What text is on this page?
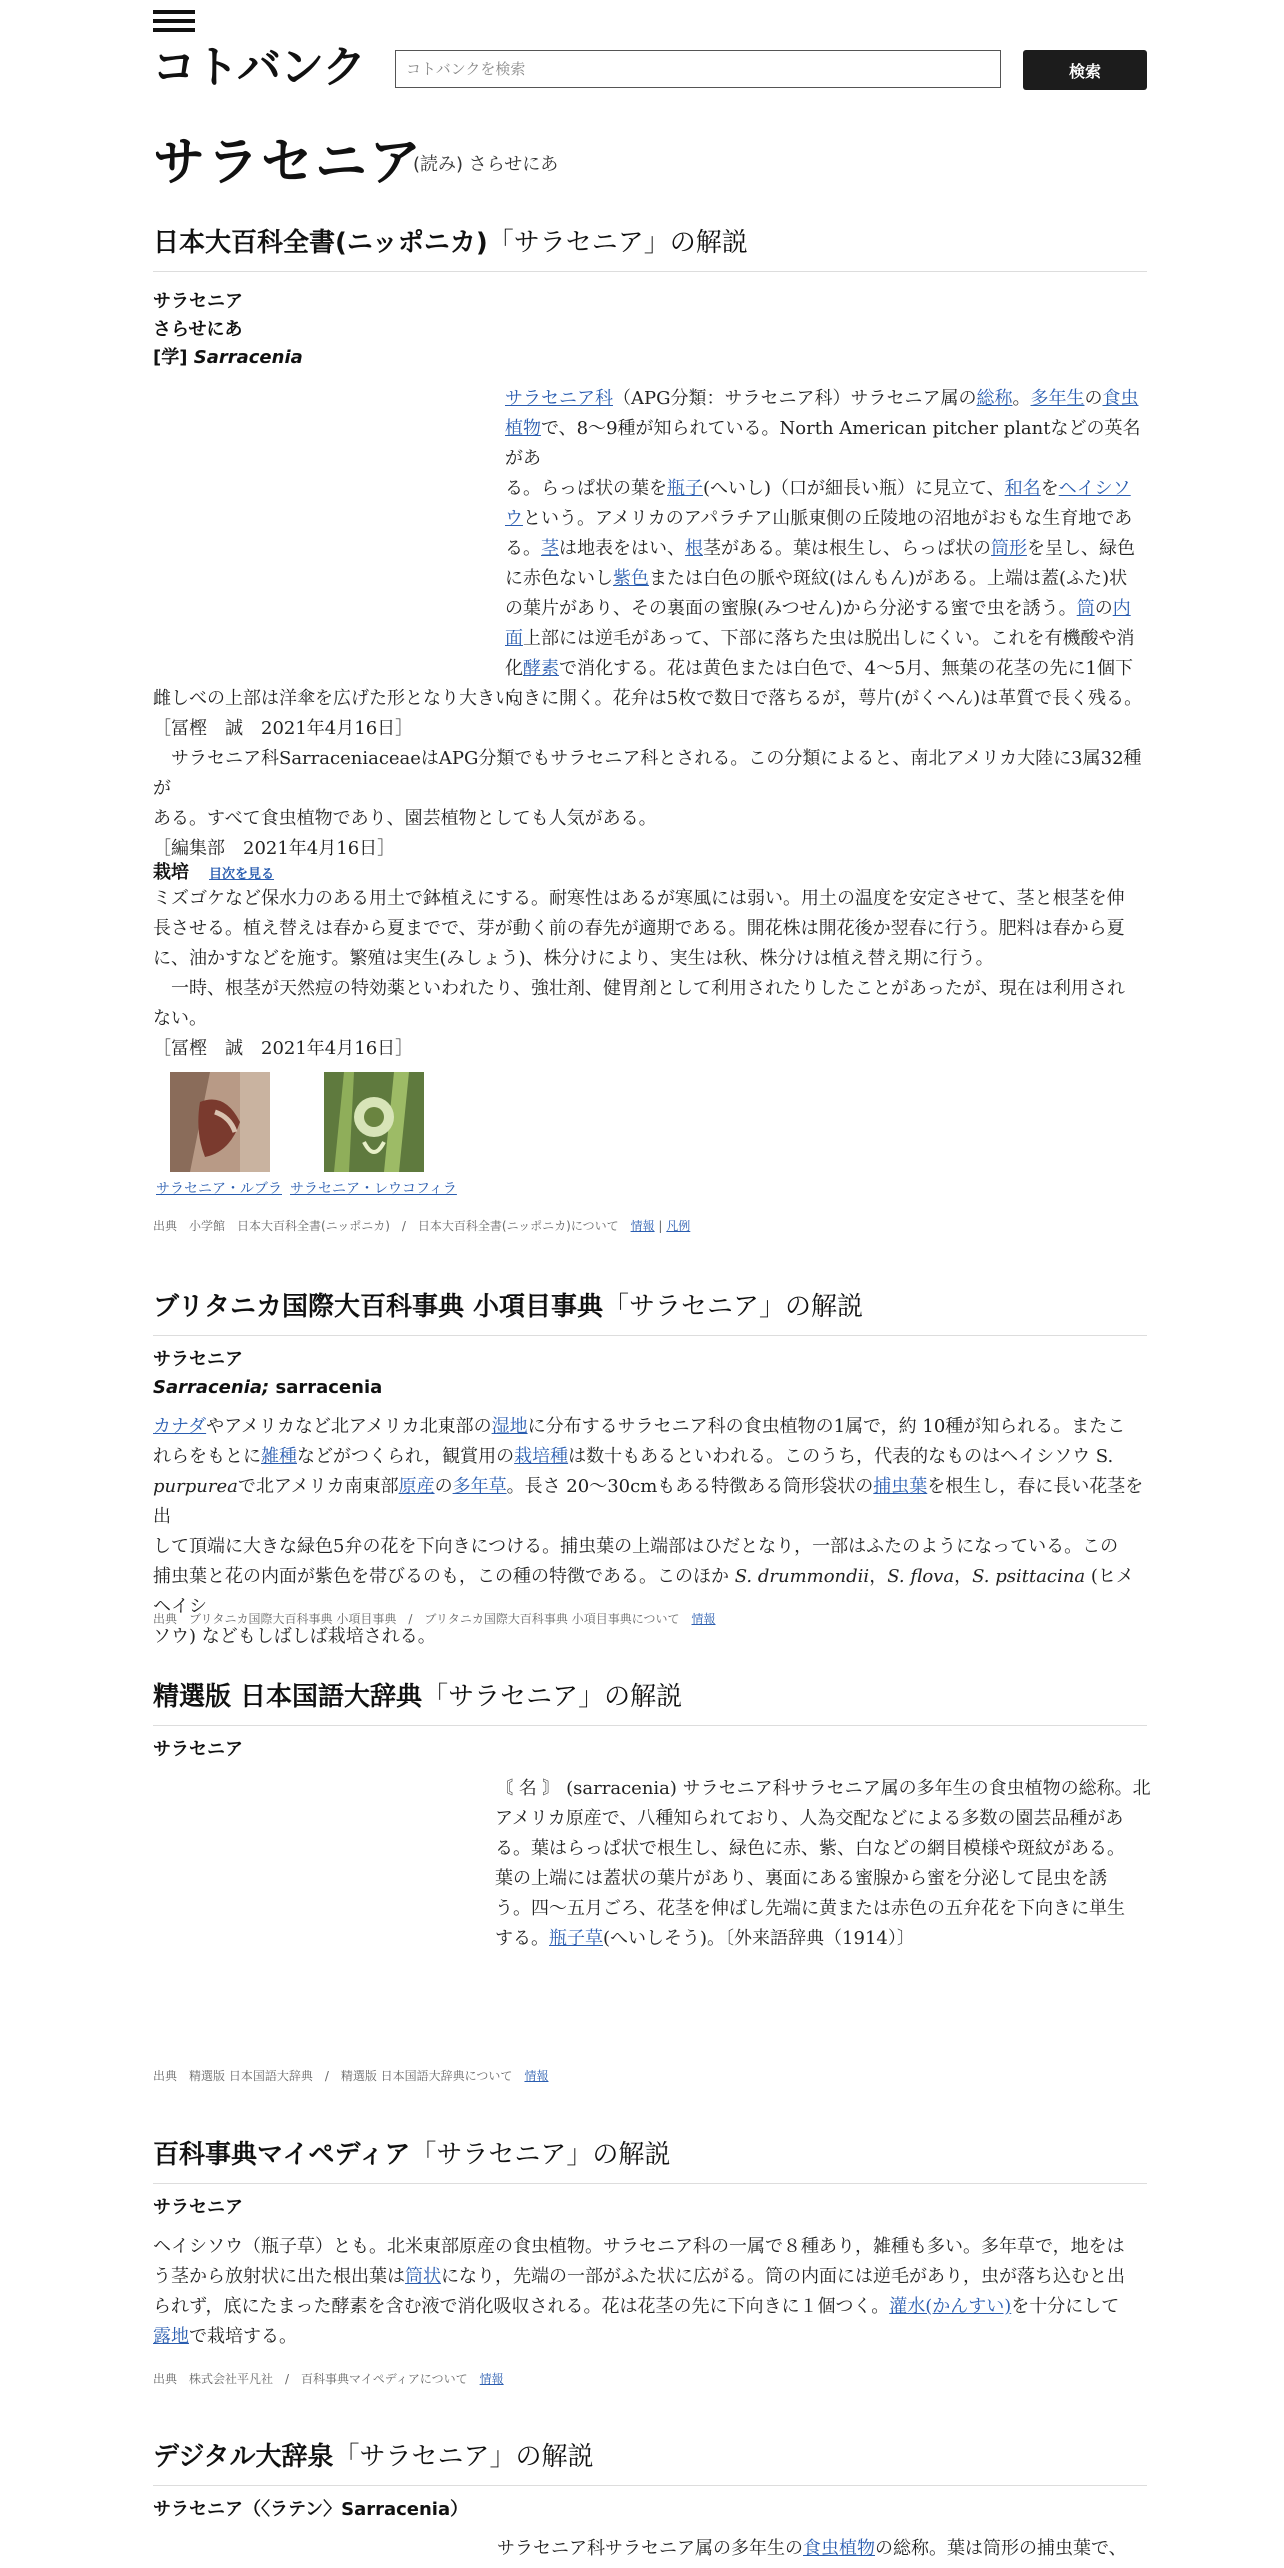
コトバンク
コトバンクを検索	検索
サラセニア
(読み) さらせにあ
日本大百科全書(ニッポニカ)「サラセニア」の解説
サラセニア
さらせにあ
[学] Sarracenia
サラセニア科（APG分類：サラセニア科）サラセニア属の総称。多年生の食虫
植物で、8～9種が知られている。North American pitcher plantなどの英名があ
る。らっぱ状の葉を瓶子(へいし)（口が細長い瓶）に見立て、和名をヘイシソ
ウという。アメリカのアパラチア山脈東側の丘陵地の沼地がおもな生育地であ
る。茎は地表をはい、根茎がある。葉は根生し、らっぱ状の筒形を呈し、緑色
に赤色ないし紫色または白色の脈や斑紋(はんもん)がある。上端は蓋(ふた)状
の葉片があり、その裏面の蜜腺(みつせん)から分泌する蜜で虫を誘う。筒の内
面上部には逆毛があって、下部に落ちた虫は脱出しにくい。これを有機酸や消
化酵素で消化する。花は黄色または白色で、4～5月、無葉の花茎の先に1個下
向きに開く。花弁は5枚で数日で落ちるが，萼片(がくへん)は革質で長く残る。
雌しべの上部は洋傘を広げた形となり大きい。
［冨樫　誠　2021年4月16日］
　サラセニア科SarraceniaceaeはAPG分類でもサラセニア科とされる。この分類によると、南北アメリカ大陸に3属32種が
ある。すべて食虫植物であり、園芸植物としても人気がある。
［編集部　2021年4月16日］
栽培 目次を見る
ミズゴケなど保水力のある用土で鉢植えにする。耐寒性はあるが寒風には弱い。用土の温度を安定させて、茎と根茎を伸
長させる。植え替えは春から夏までで、芽が動く前の春先が適期である。開花株は開花後か翌春に行う。肥料は春から夏
に、油かすなどを施す。繁殖は実生(みしょう)、株分けにより、実生は秋、株分けは植え替え期に行う。
　一時、根茎が天然痘の特効薬といわれたり、強壮剤、健胃剤として利用されたりしたことがあったが、現在は利用され
ない。
［冨樫　誠　2021年4月16日］
サラセニア・ルブラ サラセニア・レウコフィラ
出典　小学館　日本大百科全書(ニッポニカ)　/　日本大百科全書(ニッポニカ)について　 情報 | 凡例
ブリタニカ国際大百科事典 小項目事典「サラセニア」の解説
サラセニア
Sarracenia; sarracenia
カナダやアメリカなど北アメリカ北東部の湿地に分布するサラセニア科の食虫植物の1属で，約 10種が知られる。またこ
れらをもとに雑種などがつくられ，観賞用の栽培種は数十もあるといわれる。このうち，代表的なものはヘイシソウ S.
purpureaで北アメリカ南東部原産の多年草。長さ 20～30cmもある特徴ある筒形袋状の捕虫葉を根生し，春に長い花茎を出
して頂端に大きな緑色5弁の花を下向きにつける。捕虫葉の上端部はひだとなり，一部はふたのようになっている。この
捕虫葉と花の内面が紫色を帯びるのも，この種の特徴である。このほか S. drummondii，S. flova，S. psittacina (ヒメヘイシ
ソウ) などもしばしば栽培される。
出典　ブリタニカ国際大百科事典 小項目事典　/　ブリタニカ国際大百科事典 小項目事典について　 情報
精選版 日本国語大辞典「サラセニア」の解説
サラセニア
〘 名 〙 (sarracenia) サラセニア科サラセニア属の多年生の食虫植物の総称。北
アメリカ原産で、八種知られており、人為交配などによる多数の園芸品種があ
る。葉はらっぱ状で根生し、緑色に赤、紫、白などの網目模様や斑紋がある。
葉の上端には蓋状の葉片があり、裏面にある蜜腺から蜜を分泌して昆虫を誘
う。四～五月ごろ、花茎を伸ばし先端に黄または赤色の五弁花を下向きに単生
する。瓶子草(へいしそう)。〔外来語辞典（1914）〕
出典　精選版 日本国語大辞典　/　精選版 日本国語大辞典について　 情報
百科事典マイペディア「サラセニア」の解説
サラセニア
ヘイシソウ（瓶子草）とも。北米東部原産の食虫植物。サラセニア科の一属で８種あり，雑種も多い。多年草で，地をは
う茎から放射状に出た根出葉は筒状になり，先端の一部がふた状に広がる。筒の内面には逆毛があり，虫が落ち込むと出
られず，底にたまった酵素を含む液で消化吸収される。花は花茎の先に下向きに１個つく。灌水(かんすい)を十分にして
露地で栽培する。
出典　株式会社平凡社　/　百科事典マイペディアについて　 情報
デジタル大辞泉「サラセニア」の解説
サラセニア（〈ラテン〉Sarracenia）
サラセニア科サラセニア属の多年生の食虫植物の総称。葉は筒形の捕虫葉で、
